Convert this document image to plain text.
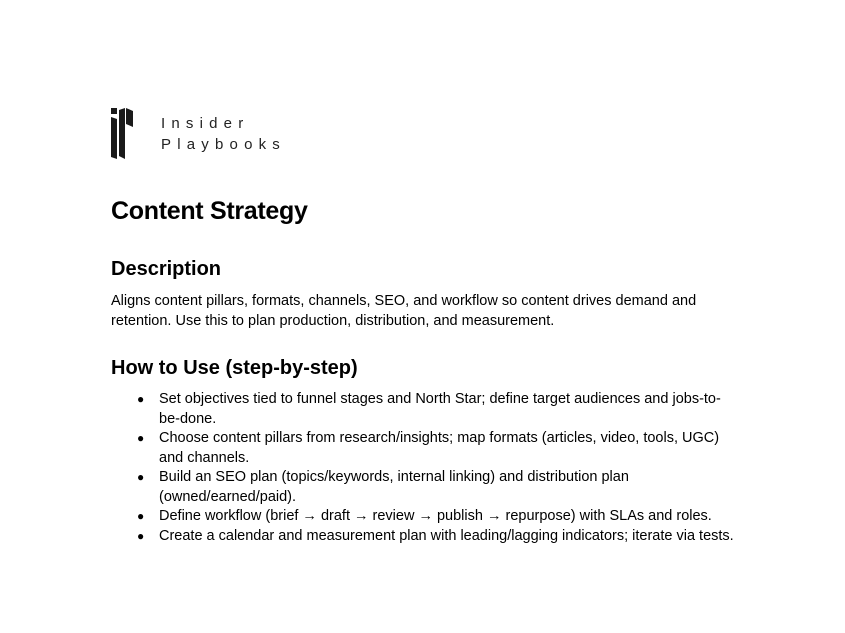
Insider
Playbooks
Content Strategy
Description

Aligns content pillars, formats, channels, SEO, and workflow so content drives demand and retention. Use this to plan production, distribution, and measurement.

How to Use (step-by-step)
● Set objectives tied to funnel stages and North Star; define target audiences and jobs-to-be-done.
● Choose content pillars from research/insights; map formats (articles, video, tools, UGC) and channels.
● Build an SEO plan (topics/keywords, internal linking) and distribution plan (owned/earned/paid).
● Define workflow (brief → draft → review → publish → repurpose) with SLAs and roles.
● Create a calendar and measurement plan with leading/lagging indicators; iterate via tests.
